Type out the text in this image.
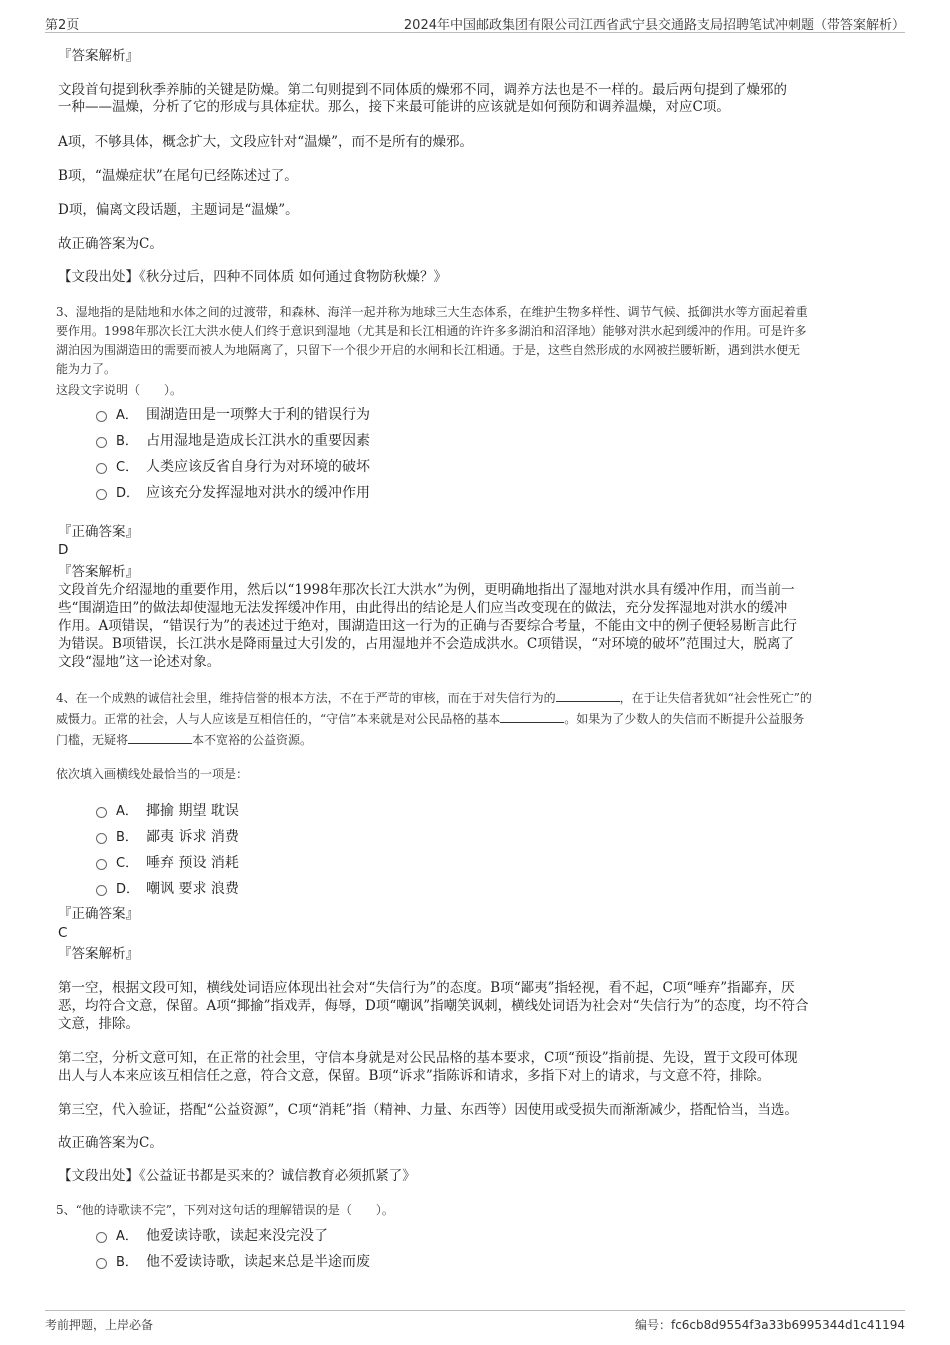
第2页	2024年中国邮政集团有限公司江西省武宁县交通路支局招聘笔试冲刺题（带答案解析）
『答案解析』
文段首句提到秋季养肺的关键是防燥。第二句则提到不同体质的燥邪不同，调养方法也是不一样的。最后两句提到了燥邪的
一种——温燥，分析了它的形成与具体症状。那么，接下来最可能讲的应该就是如何预防和调养温燥，对应C项。
A项，不够具体，概念扩大，文段应针对“温燥”，而不是所有的燥邪。
B项，“温燥症状”在尾句已经陈述过了。
D项，偏离文段话题，主题词是“温燥”。
故正确答案为C。
【文段出处】《秋分过后，四种不同体质 如何通过食物防秋燥？》
3、湿地指的是陆地和水体之间的过渡带，和森林、海洋一起并称为地球三大生态体系，在维护生物多样性、调节气候、抵御洪水等方面起着重
要作用。1998年那次长江大洪水使人们终于意识到湿地（尤其是和长江相通的许许多多湖泊和沼泽地）能够对洪水起到缓冲的作用。可是许多
湖泊因为围湖造田的需要而被人为地隔离了，只留下一个很少开启的水闸和长江相通。于是，这些自然形成的水网被拦腰斩断，遇到洪水便无
能为力了。
这段文字说明（　　）。
A． 围湖造田是一项弊大于利的错误行为
B． 占用湿地是造成长江洪水的重要因素
C． 人类应该反省自身行为对环境的破坏
D． 应该充分发挥湿地对洪水的缓冲作用
『正确答案』
D
『答案解析』
文段首先介绍湿地的重要作用，然后以“1998年那次长江大洪水”为例，更明确地指出了湿地对洪水具有缓冲作用，而当前一
些“围湖造田”的做法却使湿地无法发挥缓冲作用，由此得出的结论是人们应当改变现在的做法，充分发挥湿地对洪水的缓冲
作用。A项错误，“错误行为”的表述过于绝对，围湖造田这一行为的正确与否要综合考量，不能由文中的例子便轻易断言此行
为错误。B项错误，长江洪水是降雨量过大引发的，占用湿地并不会造成洪水。C项错误，“对环境的破坏”范围过大，脱离了
文段“湿地”这一论述对象。
4、在一个成熟的诚信社会里，维持信誉的根本方法，不在于严苛的审核，而在于对失信行为的	，在于让失信者犹如“社会性死亡”的
威慑力。正常的社会，人与人应该是互相信任的，“守信”本来就是对公民品格的基本	。如果为了少数人的失信而不断提升公益服务
门槛，无疑将	本不宽裕的公益资源。
依次填入画横线处最恰当的一项是：
A． 揶揄 期望 耽误
B． 鄙夷 诉求 消费
C． 唾弃 预设 消耗
D． 嘲讽 要求 浪费
『正确答案』
C
『答案解析』
第一空，根据文段可知，横线处词语应体现出社会对“失信行为”的态度。B项“鄙夷”指轻视，看不起，C项“唾弃”指鄙弃，厌
恶，均符合文意，保留。A项“揶揄”指戏弄，侮辱，D项“嘲讽”指嘲笑讽刺，横线处词语为社会对“失信行为”的态度，均不符合
文意，排除。
第二空，分析文意可知，在正常的社会里，守信本身就是对公民品格的基本要求，C项“预设”指前提、先设，置于文段可体现
出人与人本来应该互相信任之意，符合文意，保留。B项“诉求”指陈诉和请求，多指下对上的请求，与文意不符，排除。
第三空，代入验证，搭配“公益资源”，C项“消耗”指（精神、力量、东西等）因使用或受损失而渐渐减少，搭配恰当，当选。
故正确答案为C。
【文段出处】《公益证书都是买来的？诚信教育必须抓紧了》
5、“他的诗歌读不完”，下列对这句话的理解错误的是（　　）。
A． 他爱读诗歌，读起来没完没了
B． 他不爱读诗歌，读起来总是半途而废
考前押题，上岸必备	编号：fc6cb8d9554f3a33b6995344d1c41194
